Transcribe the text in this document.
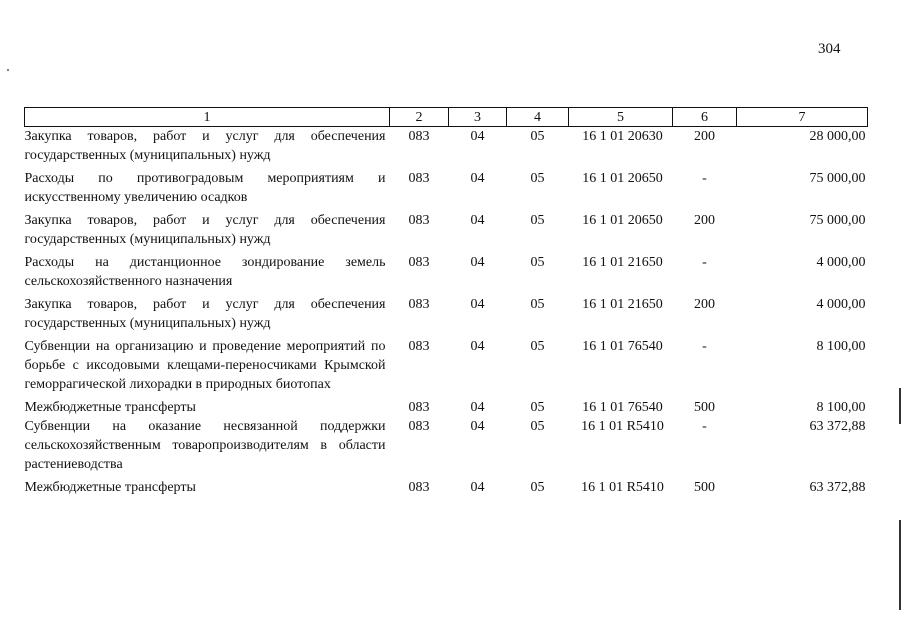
304
1	2	3	4	5	6	7
Закупка товаров, работ и услуг для обеспечения государственных (муниципальных) нужд	083	04	05	16 1 01 20630	200	28 000,00
Расходы по противоградовым мероприятиям и искусственному увеличению осадков	083	04	05	16 1 01 20650	-	75 000,00
Закупка товаров, работ и услуг для обеспечения государственных (муниципальных) нужд	083	04	05	16 1 01 20650	200	75 000,00
Расходы на дистанционное зондирование земель сельскохозяйственного назначения	083	04	05	16 1 01 21650	-	4 000,00
Закупка товаров, работ и услуг для обеспечения государственных (муниципальных) нужд	083	04	05	16 1 01 21650	200	4 000,00
Субвенции на организацию и проведение мероприятий по борьбе с иксодовыми клещами-переносчиками Крымской геморрагической лихорадки в природных биотопах	083	04	05	16 1 01 76540	-	8 100,00
Межбюджетные трансферты	083	04	05	16 1 01 76540	500	8 100,00
Субвенции на оказание несвязанной поддержки сельскохозяйственным товаропроизводителям в области растениеводства	083	04	05	16 1 01 R5410	-	63 372,88
Межбюджетные трансферты	083	04	05	16 1 01 R5410	500	63 372,88
